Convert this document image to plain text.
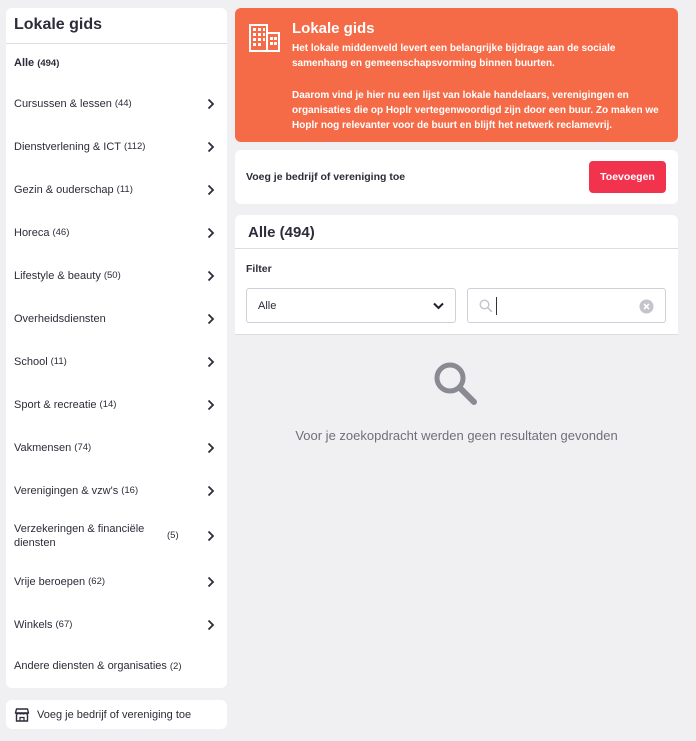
Lokale gids
Alle (494)
Cursussen & lessen (44)
Dienstverlening & ICT (112)
Gezin & ouderschap (11)
Horeca (46)
Lifestyle & beauty (50)
Overheidsdiensten
School (11)
Sport & recreatie (14)
Vakmensen (74)
Verenigingen & vzw's (16)
Verzekeringen & financiële diensten
(5)
Vrije beroepen (62)
Winkels (67)
Andere diensten & organisaties (2)
Voeg je bedrijf of vereniging toe
Lokale gids
Het lokale middenveld levert een belangrijke bijdrage aan de sociale samenhang en gemeenschapsvorming binnen buurten.
Daarom vind je hier nu een lijst van lokale handelaars, verenigingen en organisaties die op Hoplr vertegenwoordigd zijn door een buur. Zo maken we Hoplr nog relevanter voor de buurt en blijft het netwerk reclamevrij.
Voeg je bedrijf of vereniging toe	Toevoegen
Alle (494)
Filter
Alle
Voor je zoekopdracht werden geen resultaten gevonden
